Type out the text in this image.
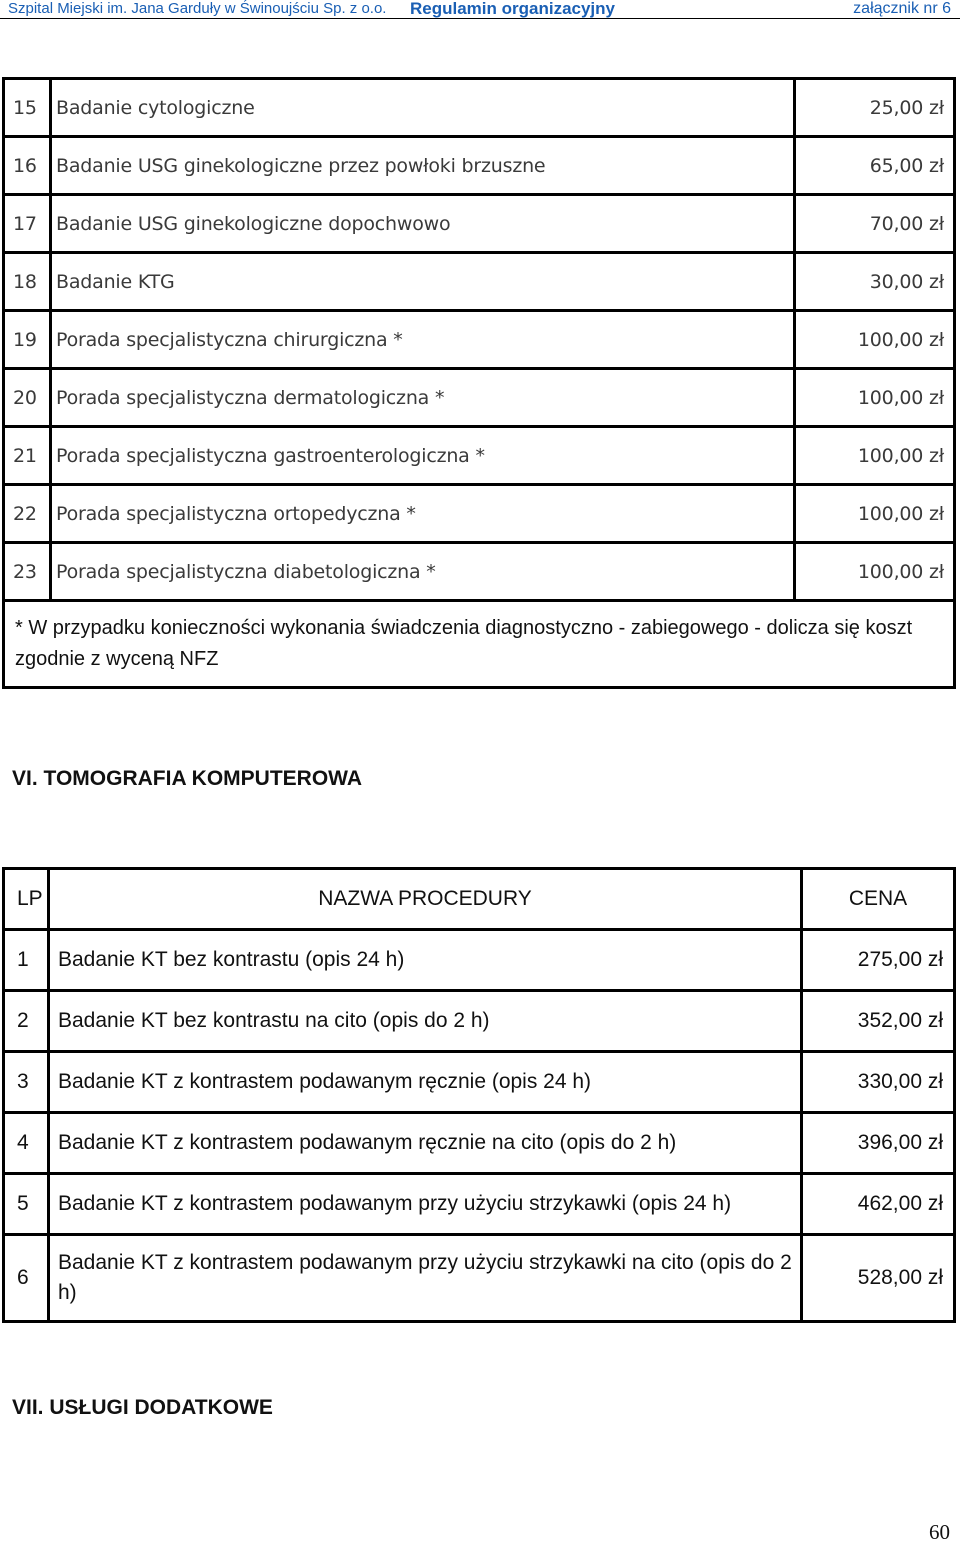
Szpital Miejski im. Jana Garduły w Świnoujściu Sp. z o.o. Regulamin organizacyjny	załącznik nr 6
15	Badanie cytologiczne	25,00 zł
16	Badanie USG ginekologiczne przez powłoki brzuszne	65,00 zł
17	Badanie USG ginekologiczne dopochwowo	70,00 zł
18	Badanie KTG	30,00 zł
19	Porada specjalistyczna chirurgiczna *	100,00 zł
20	Porada specjalistyczna dermatologiczna *	100,00 zł
21	Porada specjalistyczna gastroenterologiczna *	100,00 zł
22	Porada specjalistyczna ortopedyczna *	100,00 zł
23	Porada specjalistyczna diabetologiczna *	100,00 zł
* W przypadku konieczności wykonania świadczenia diagnostyczno - zabiegowego - dolicza się koszt zgodnie z wyceną NFZ		
VI. TOMOGRAFIA KOMPUTEROWA
LP	NAZWA PROCEDURY	CENA
1	Badanie KT bez kontrastu (opis 24 h)	275,00 zł
2	Badanie KT bez kontrastu na cito (opis do 2 h)	352,00 zł
3	Badanie KT z kontrastem podawanym ręcznie (opis 24 h)	330,00 zł
4	Badanie KT z kontrastem podawanym ręcznie na cito (opis do 2 h)	396,00 zł
5	Badanie KT z kontrastem podawanym przy użyciu strzykawki (opis 24 h)	462,00 zł
6	Badanie KT z kontrastem podawanym przy użyciu strzykawki na cito (opis do 2 h)	528,00 zł
VII. USŁUGI DODATKOWE
60
